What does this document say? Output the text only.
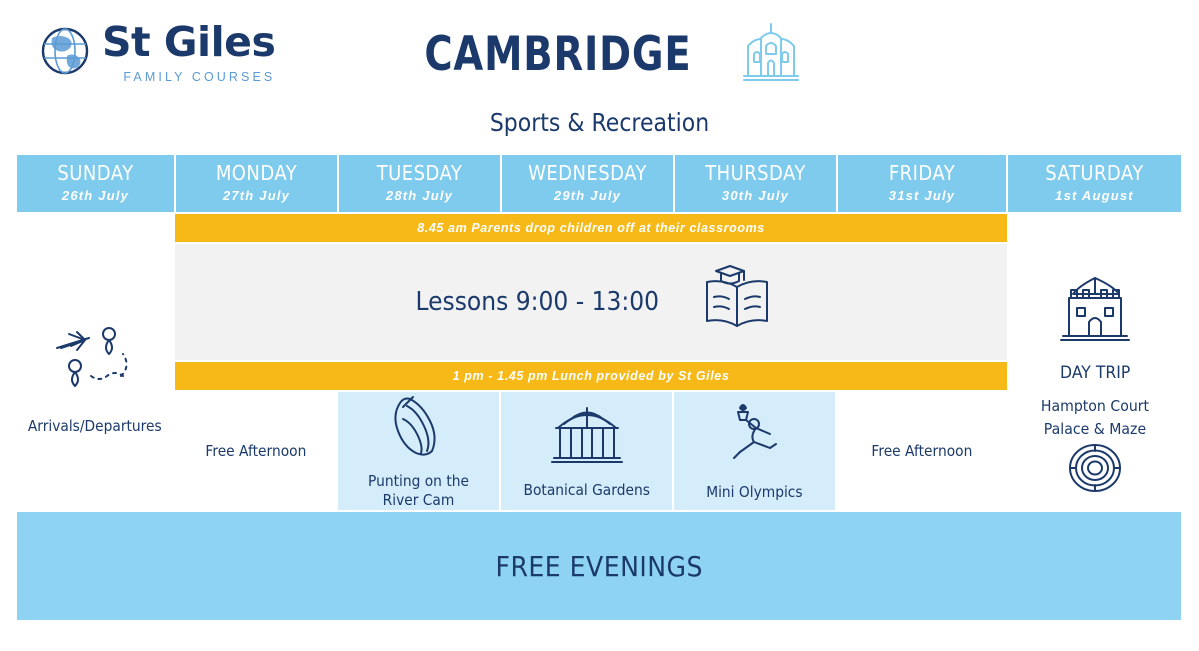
St Giles
FAMILY COURSES	CAMBRIDGE
Sports & Recreation
SUNDAY
26th July
MONDAY
27th July
TUESDAY
28th July
WEDNESDAY
29th July
THURSDAY
30th July
FRIDAY
31st July
SATURDAY
1st August
Arrivals/Departures
8.45 am Parents drop children off at their classrooms
Lessons 9:00 - 13:00
1 pm - 1.45 pm Lunch provided by St Giles
Free Afternoon
Punting on the River Cam
Botanical Gardens	Mini Olympics
Free Afternoon
DAY TRIP
Hampton Court Palace & Maze
FREE EVENINGS
